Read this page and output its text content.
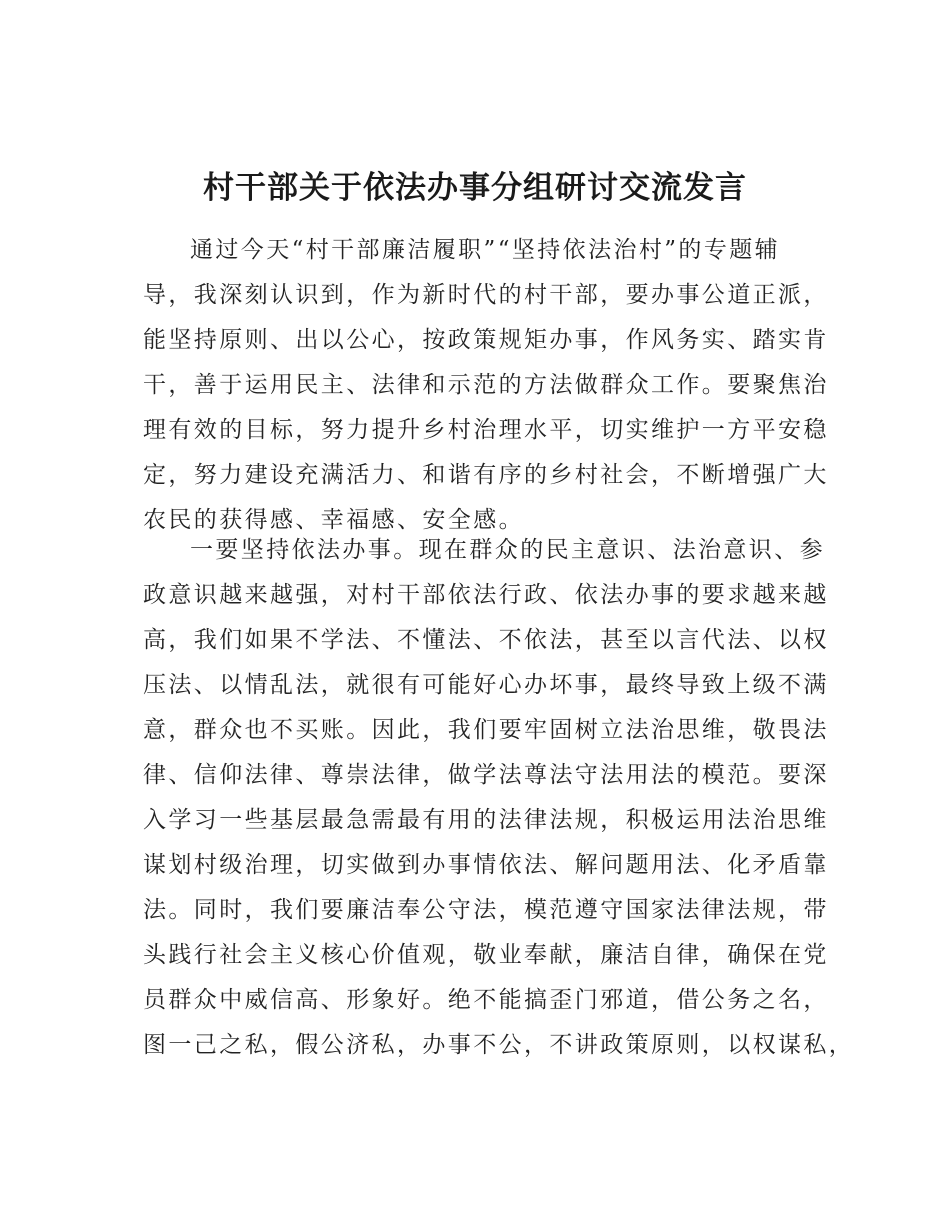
村干部关于依法办事分组研讨交流发言
通过今天“村干部廉洁履职”“坚持依法治村”的专题辅
导，我深刻认识到，作为新时代的村干部，要办事公道正派，
能坚持原则、出以公心，按政策规矩办事，作风务实、踏实肯
干，善于运用民主、法律和示范的方法做群众工作。要聚焦治
理有效的目标，努力提升乡村治理水平，切实维护一方平安稳
定，努力建设充满活力、和谐有序的乡村社会，不断增强广大
农民的获得感、幸福感、安全感。
一要坚持依法办事。现在群众的民主意识、法治意识、参
政意识越来越强，对村干部依法行政、依法办事的要求越来越
高，我们如果不学法、不懂法、不依法，甚至以言代法、以权
压法、以情乱法，就很有可能好心办坏事，最终导致上级不满
意，群众也不买账。因此，我们要牢固树立法治思维，敬畏法
律、信仰法律、尊崇法律，做学法尊法守法用法的模范。要深
入学习一些基层最急需最有用的法律法规，积极运用法治思维
谋划村级治理，切实做到办事情依法、解问题用法、化矛盾靠
法。同时，我们要廉洁奉公守法，模范遵守国家法律法规，带
头践行社会主义核心价值观，敬业奉献，廉洁自律，确保在党
员群众中威信高、形象好。绝不能搞歪门邪道，借公务之名，
图一己之私，假公济私，办事不公，不讲政策原则，以权谋私，
